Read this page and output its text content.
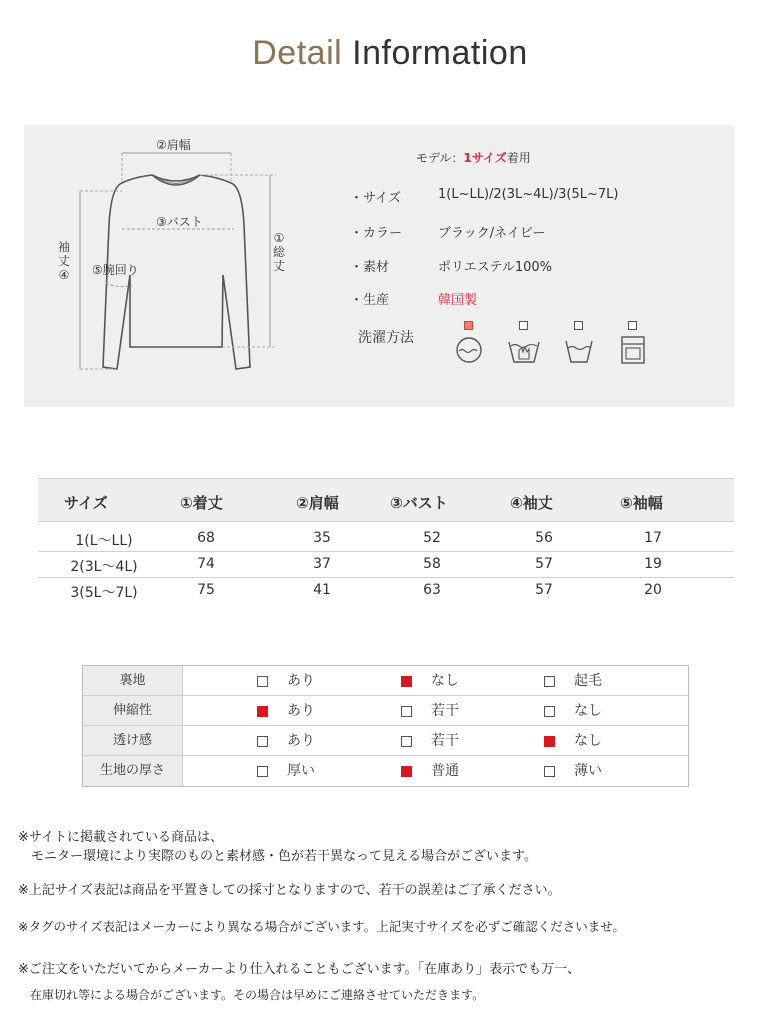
Detail Information
②肩幅
③バスト
⑤腕回り
袖
丈
④
①
総
丈
モデル：1サイズ着用
・サイズ	1(L~LL)/2(3L~4L)/3(5L~7L)
・カラー	ブラック/ネイビー
・素材	ポリエステル100%
・生産	韓国製
洗濯方法
サイズ	①着丈	②肩幅	③バスト	④袖丈	⑤袖幅
1(L～LL)	68	35	52	56	17
2(3L～4L)	74	37	58	57	19
3(5L～7L)	75	41	63	57	20
裏地	あり	なし	起毛
伸縮性	あり	若干	なし
透け感	あり	若干	なし
生地の厚さ	厚い	普通	薄い
※サイトに掲載されている商品は、
　モニター環境により実際のものと素材感・色が若干異なって見える場合がございます。
※上記サイズ表記は商品を平置きしての採寸となりますので、若干の誤差はご了承ください。
※タグのサイズ表記はメーカーにより異なる場合がございます。上記実寸サイズを必ずご確認くださいませ。
※ご注文をいただいてからメーカーより仕入れることもございます。「在庫あり」表示でも万一、
　在庫切れ等による場合がございます。その場合は早めにご連絡させていただきます。
